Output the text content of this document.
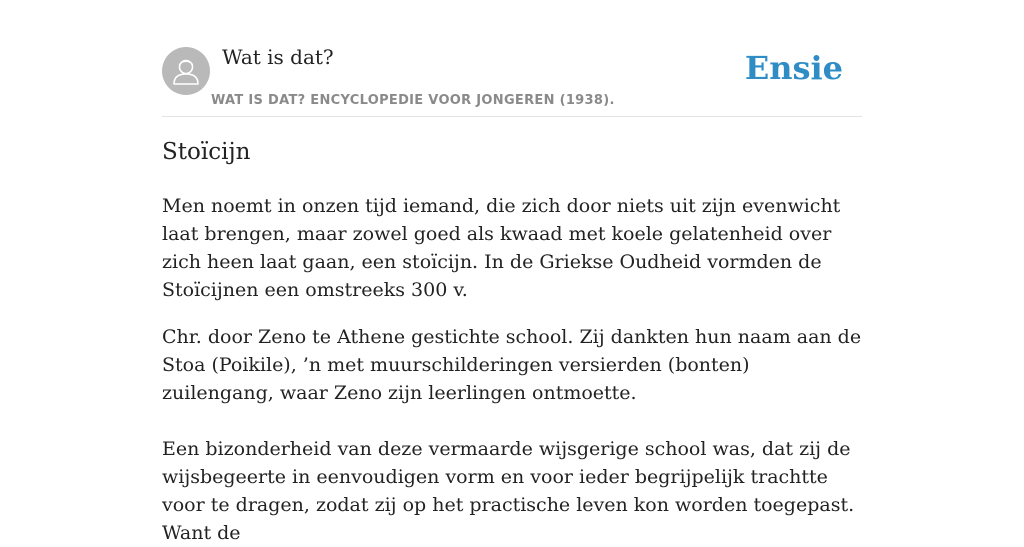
Wat is dat?
WAT IS DAT? ENCYCLOPEDIE VOOR JONGEREN (1938).
Ensie
Stoïcijn

Men noemt in onzen tijd iemand, die zich door niets uit zijn evenwicht laat brengen, maar zowel goed als kwaad met koele gelatenheid over zich heen laat gaan, een stoïcijn. In de Griekse Oudheid vormden de Stoïcijnen een omstreeks 300 v.

Chr. door Zeno te Athene gestichte school. Zij dankten hun naam aan de Stoa (Poikile), ’n met muurschilderingen versierden (bonten) zuilengang, waar Zeno zijn leerlingen ontmoette.

Een bizonderheid van deze vermaarde wijsgerige school was, dat zij de wijsbegeerte in eenvoudigen vorm en voor ieder begrijpelijk trachtte voor te dragen, zodat zij op het practische leven kon worden toegepast. Want de
